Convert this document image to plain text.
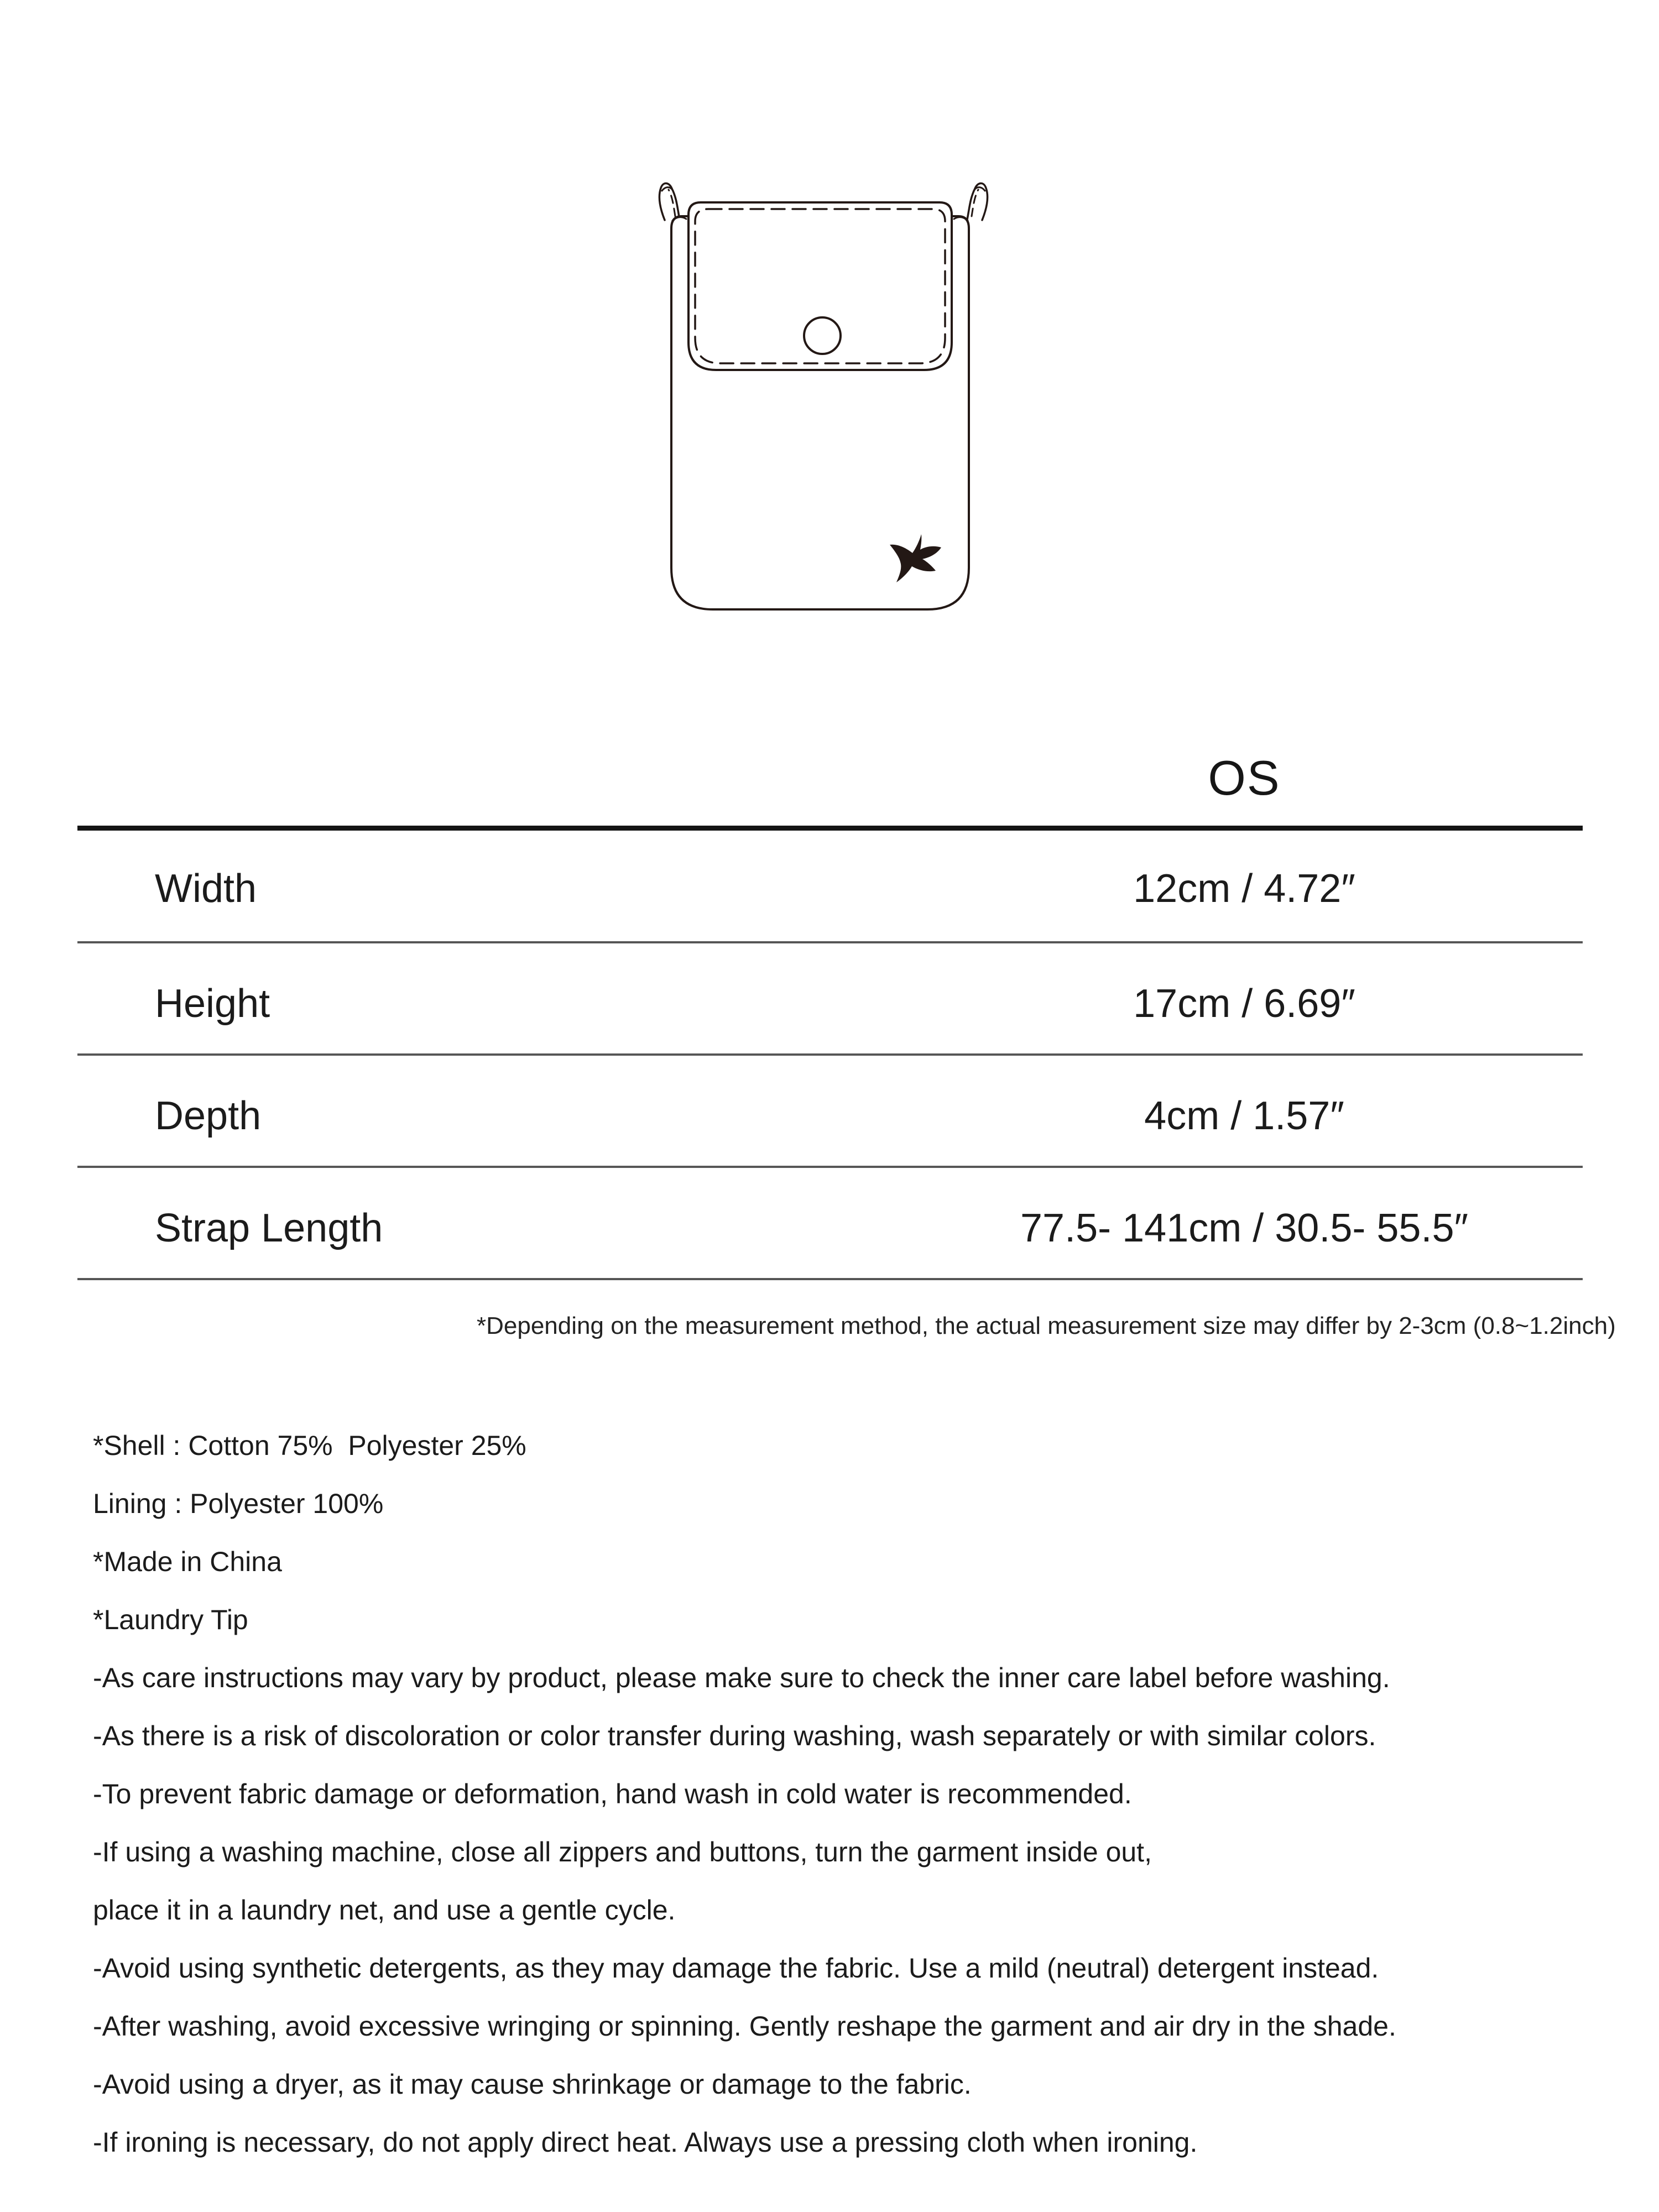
OS
Width	12cm / 4.72″
Height	17cm / 6.69″
Depth	4cm / 1.57″
Strap Length	77.5- 141cm / 30.5- 55.5″
*Depending on the measurement method, the actual measurement size may differ by 2-3cm (0.8~1.2inch)
*Shell : Cotton 75%  Polyester 25%
Lining : Polyester 100%
*Made in China
*Laundry Tip
-As care instructions may vary by product, please make sure to check the inner care label before washing.
-As there is a risk of discoloration or color transfer during washing, wash separately or with similar colors.
-To prevent fabric damage or deformation, hand wash in cold water is recommended.
-If using a washing machine, close all zippers and buttons, turn the garment inside out,
place it in a laundry net, and use a gentle cycle.
-Avoid using synthetic detergents, as they may damage the fabric. Use a mild (neutral) detergent instead.
-After washing, avoid excessive wringing or spinning. Gently reshape the garment and air dry in the shade.
-Avoid using a dryer, as it may cause shrinkage or damage to the fabric.
-If ironing is necessary, do not apply direct heat. Always use a pressing cloth when ironing.
